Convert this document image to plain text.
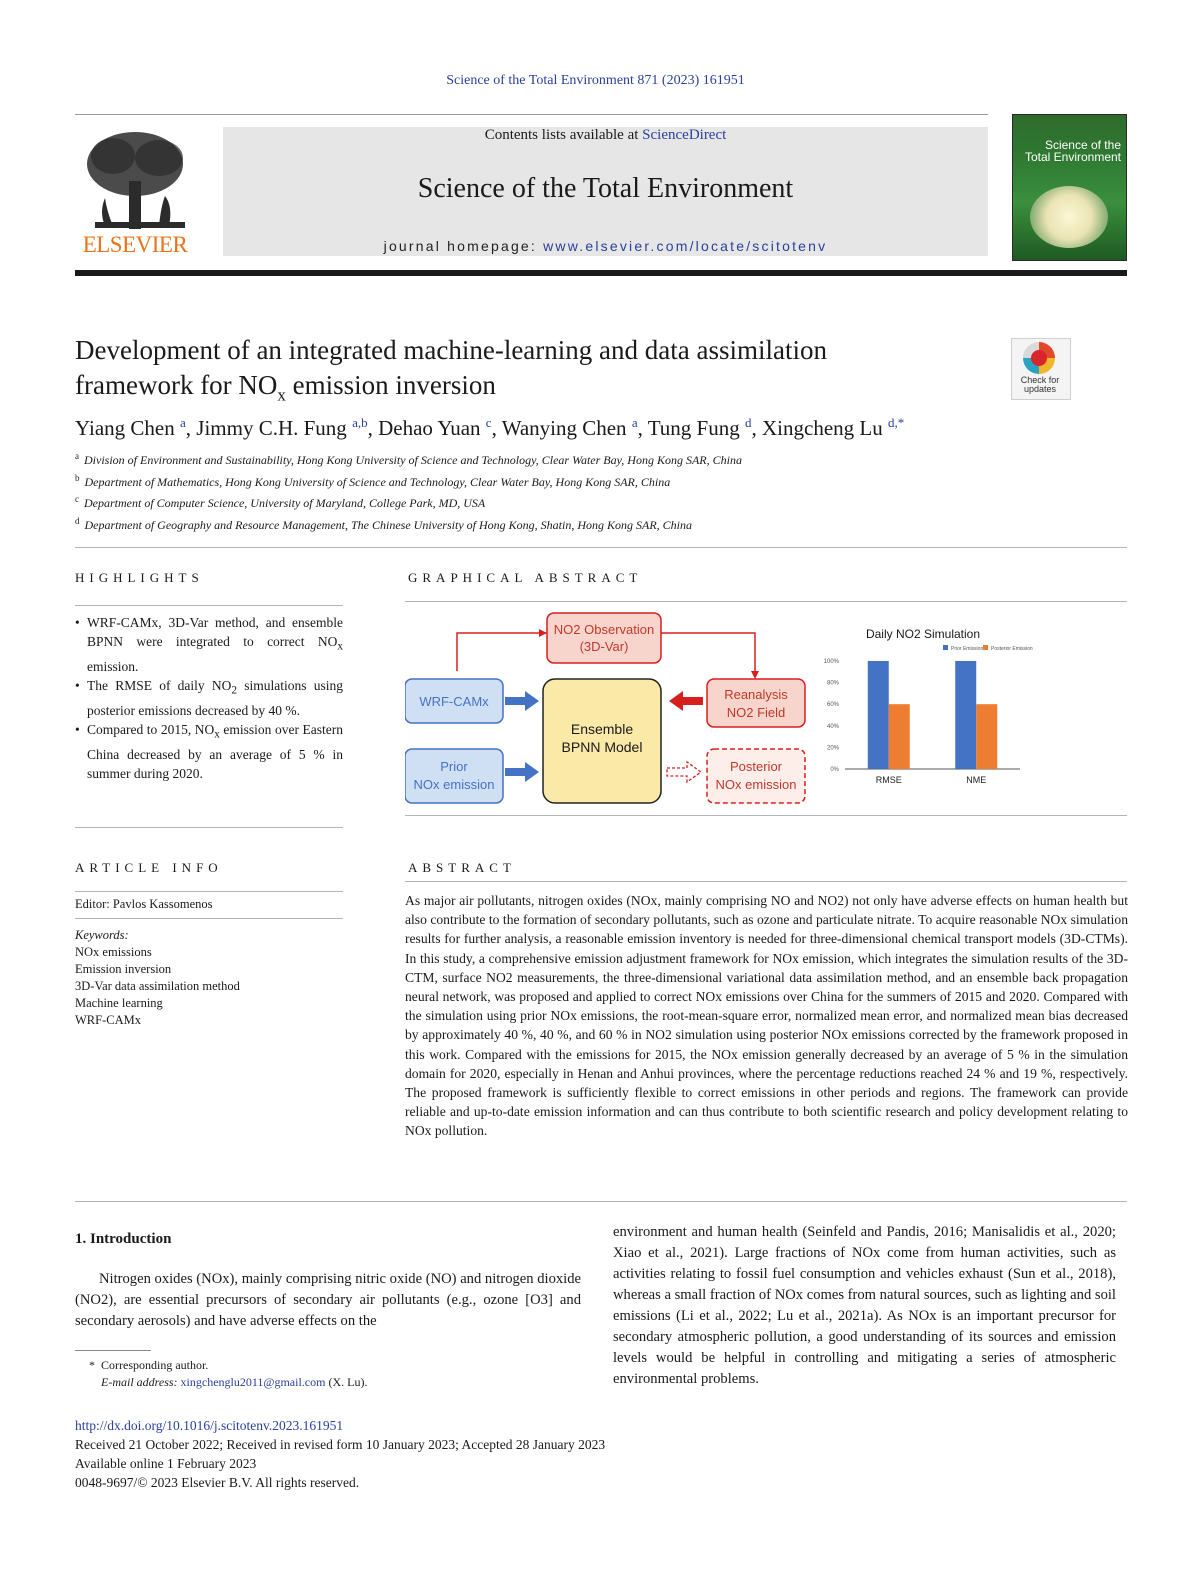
Science of the Total Environment 871 (2023) 161951
ELSEVIER
Contents lists available at ScienceDirect
Science of the Total Environment
journal homepage: www.elsevier.com/locate/scitotenv
Science of the
Total Environment
Development of an integrated machine-learning and data assimilation
framework for $NO_x$ emission inversion	Check for
updates
Yiang Chen $^a$, Jimmy C.H. Fung $^{a,b}$, Dehao Yuan $^c$, Wanying Chen $^a$, Tung Fung $^d$, Xingcheng Lu $^{d,*}$
$^a$ Division of Environment and Sustainability, Hong Kong University of Science and Technology, Clear Water Bay, Hong Kong SAR, China
$^b$ Department of Mathematics, Hong Kong University of Science and Technology, Clear Water Bay, Hong Kong SAR, China
$^c$ Department of Computer Science, University of Maryland, College Park, MD, USA
$^d$ Department of Geography and Resource Management, The Chinese University of Hong Kong, Shatin, Hong Kong SAR, China
HIGHLIGHTS
• WRF-CAMx, 3D-Var method, and ensemble BPNN were integrated to correct $NO_x$ emission.
• The RMSE of daily $NO_2$ simulations using posterior emissions decreased by 40 %.
• Compared to 2015, $NO_x$ emission over Eastern China decreased by an average of 5 % in summer during 2020.
ARTICLE INFO
Editor: Pavlos Kassomenos
Keywords:
NOx emissions
Emission inversion
3D-Var data assimilation method
Machine learning
WRF-CAMx
GRAPHICAL ABSTRACT
NO2 Observation
(3D-Var)
WRF-CAMx
Prior
NOx emission
Ensemble
BPNN Model
Reanalysis
NO2 Field
Posterior
NOx emission
Daily NO2 Simulation
Prior Emission Posterior Emission
0%
20%
40%
60%
80%
100%
RMSE	NME
ABSTRACT
As major air pollutants, nitrogen oxides (NOx, mainly comprising NO and NO2) not only have adverse effects on human health but also contribute to the formation of secondary pollutants, such as ozone and particulate nitrate. To acquire reasonable NOx simulation results for further analysis, a reasonable emission inventory is needed for three-dimensional chemical transport models (3D-CTMs). In this study, a comprehensive emission adjustment framework for NOx emission, which integrates the simulation results of the 3D-CTM, surface NO2 measurements, the three-dimensional variational data assimilation method, and an ensemble back propagation neural network, was proposed and applied to correct NOx emissions over China for the summers of 2015 and 2020. Compared with the simulation using prior NOx emissions, the root-mean-square error, normalized mean error, and normalized mean bias decreased by approximately 40 %, 40 %, and 60 % in NO2 simulation using posterior NOx emissions corrected by the framework proposed in this work. Compared with the emissions for 2015, the NOx emission generally decreased by an average of 5 % in the simulation domain for 2020, especially in Henan and Anhui provinces, where the percentage reductions reached 24 % and 19 %, respectively. The proposed framework is sufficiently flexible to correct emissions in other periods and regions. The framework can provide reliable and up-to-date emission information and can thus contribute to both scientific research and policy development relating to NOx pollution.
1. Introduction
Nitrogen oxides (NOx), mainly comprising nitric oxide (NO) and nitrogen dioxide (NO2), are essential precursors of secondary air pollutants (e.g., ozone [O3] and secondary aerosols) and have adverse effects on the
environment and human health (Seinfeld and Pandis, 2016; Manisalidis et al., 2020; Xiao et al., 2021). Large fractions of NOx come from human activities, such as activities relating to fossil fuel consumption and vehicles exhaust (Sun et al., 2018), whereas a small fraction of NOx comes from natural sources, such as lighting and soil emissions (Li et al., 2022; Lu et al., 2021a). As NOx is an important precursor for secondary atmospheric pollution, a good understanding of its sources and emission levels would be helpful in controlling and mitigating a series of atmospheric environmental problems.
* Corresponding author.
E-mail address: xingchenglu2011@gmail.com (X. Lu).
http://dx.doi.org/10.1016/j.scitotenv.2023.161951
Received 21 October 2022; Received in revised form 10 January 2023; Accepted 28 January 2023
Available online 1 February 2023
0048-9697/© 2023 Elsevier B.V. All rights reserved.
